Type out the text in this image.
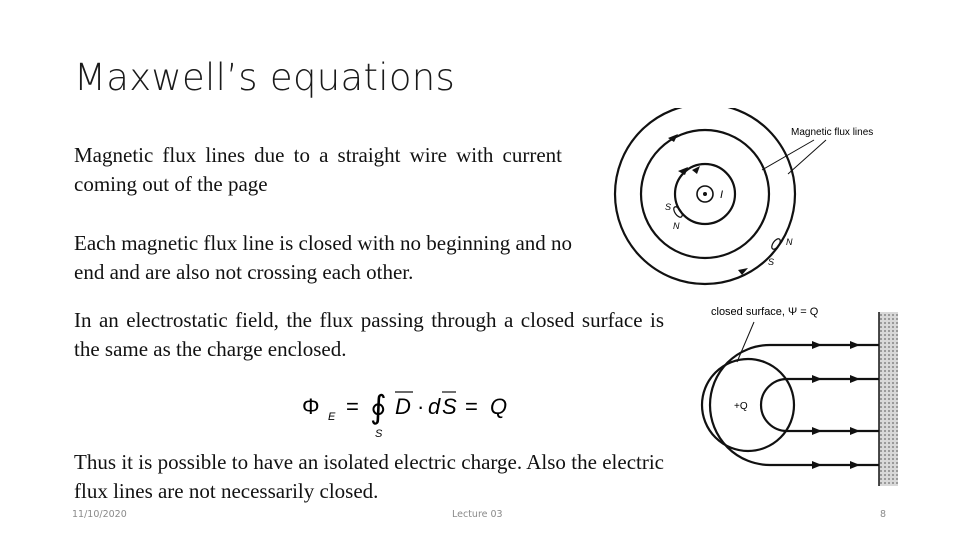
Maxwell’s equations
Magnetic flux lines due to a straight wire with current coming out of the page
Each magnetic flux line is closed with no beginning and no end and are also not crossing each other.
In an electrostatic field, the flux passing through a closed surface is the same as the charge enclosed.
Thus it is possible to have an isolated electric charge. Also the electric flux lines are not necessarily closed.
Φ E = ∮
S
D · d S = Q
I
S
N
N
S
Magnetic flux lines
closed surface, Ψ = Q
+Q
11/10/2020	Lecture 03	8
